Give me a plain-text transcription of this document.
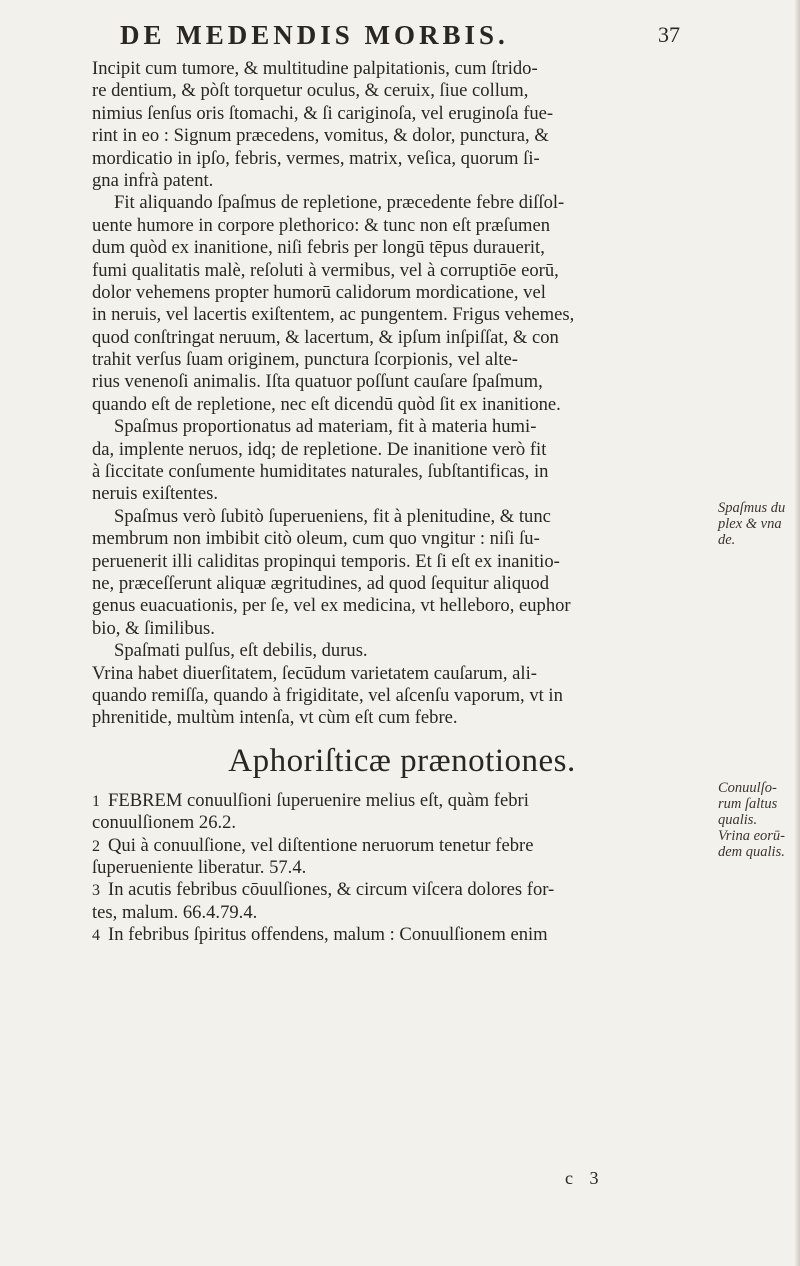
DE MEDENDIS MORBIS.	37
Incipit cum tumore, & multitudine palpitationis, cum ſtrido-
re dentium, & pòſt torquetur oculus, & ceruix, ſiue collum,
nimius ſenſus oris ſtomachi, & ſi cariginoſa, vel eruginoſa fue-
rint in eo : Signum præcedens, vomitus, & dolor, punctura, &
mordicatio in ipſo, febris, vermes, matrix, veſica, quorum ſi-
gna infrà patent.
Fit aliquando ſpaſmus de repletione, præcedente febre diſſol-
uente humore in corpore plethorico: & tunc non eſt præſumen
dum quòd ex inanitione, niſi febris per longū tēpus durauerit,
fumi qualitatis malè, reſoluti à vermibus, vel à corruptiōe eorū,
dolor vehemens propter humorū calidorum mordicatione, vel
in neruis, vel lacertis exiſtentem, ac pungentem. Frigus vehemes,
quod conſtringat neruum, & lacertum, & ipſum inſpiſſat, & con
trahit verſus ſuam originem, punctura ſcorpionis, vel alte-
rius venenoſi animalis. Iſta quatuor poſſunt cauſare ſpaſmum,
quando eſt de repletione, nec eſt dicendū quòd ſit ex inanitione.
Spaſmus proportionatus ad materiam, fit à materia humi-
da, implente neruos, idq; de repletione. De inanitione verò fit
à ſiccitate conſumente humiditates naturales, ſubſtantificas, in
neruis exiſtentes.
Spaſmus verò ſubitò ſuperueniens, fit à plenitudine, & tunc
membrum non imbibit citò oleum, cum quo vngitur : niſi ſu-
peruenerit illi caliditas propinqui temporis. Et ſi eſt ex inanitio-
ne, præceſſerunt aliquæ ægritudines, ad quod ſequitur aliquod
genus euacuationis, per ſe, vel ex medicina, vt helleboro, euphor
bio, & ſimilibus.
Spaſmati pulſus, eſt debilis, durus.
Vrina habet diuerſitatem, ſecūdum varietatem cauſarum, ali-
quando remiſſa, quando à frigiditate, vel aſcenſu vaporum, vt in
phrenitide, multùm intenſa, vt cùm eſt cum febre.
Aphoriſticæ prænotiones.
1 FEBREM conuulſioni ſuperuenire melius eſt, quàm febri
conuulſionem 26.2.
2 Qui à conuulſione, vel diſtentione neruorum tenetur febre
ſuperueniente liberatur. 57.4.
3 In acutis febribus cōuulſiones, & circum viſcera dolores for-
tes, malum. 66.4.79.4.
4 In febribus ſpiritus offendens, malum : Conuulſionem enim
Spaſmus du
plex & vna
de.
Conuulſo-
rum ſaltus
qualis.
Vrina eorū-
dem qualis.
c 3
